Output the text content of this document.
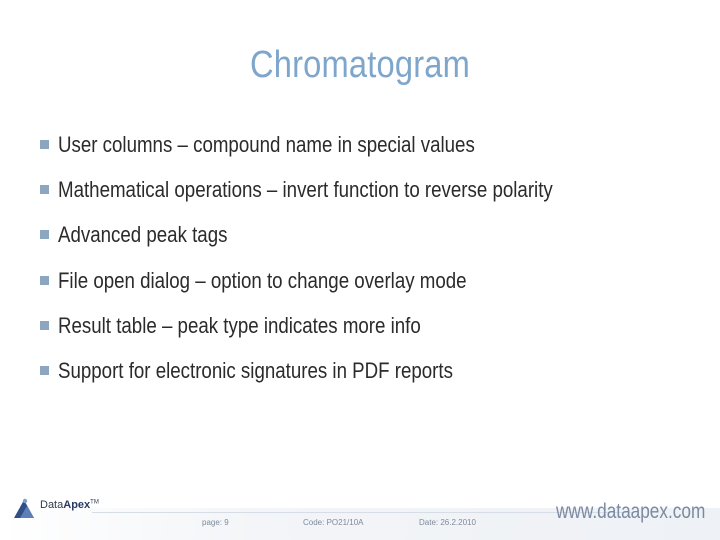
Chromatogram
User columns – compound name in special values
Mathematical operations – invert function to reverse polarity
Advanced peak tags
File open dialog – option to change overlay mode
Result table – peak type indicates more info
Support for electronic signatures in PDF reports
DataApex™
page: 9	Code: PO21/10A	Date: 26.2.2010	www.dataapex.com
